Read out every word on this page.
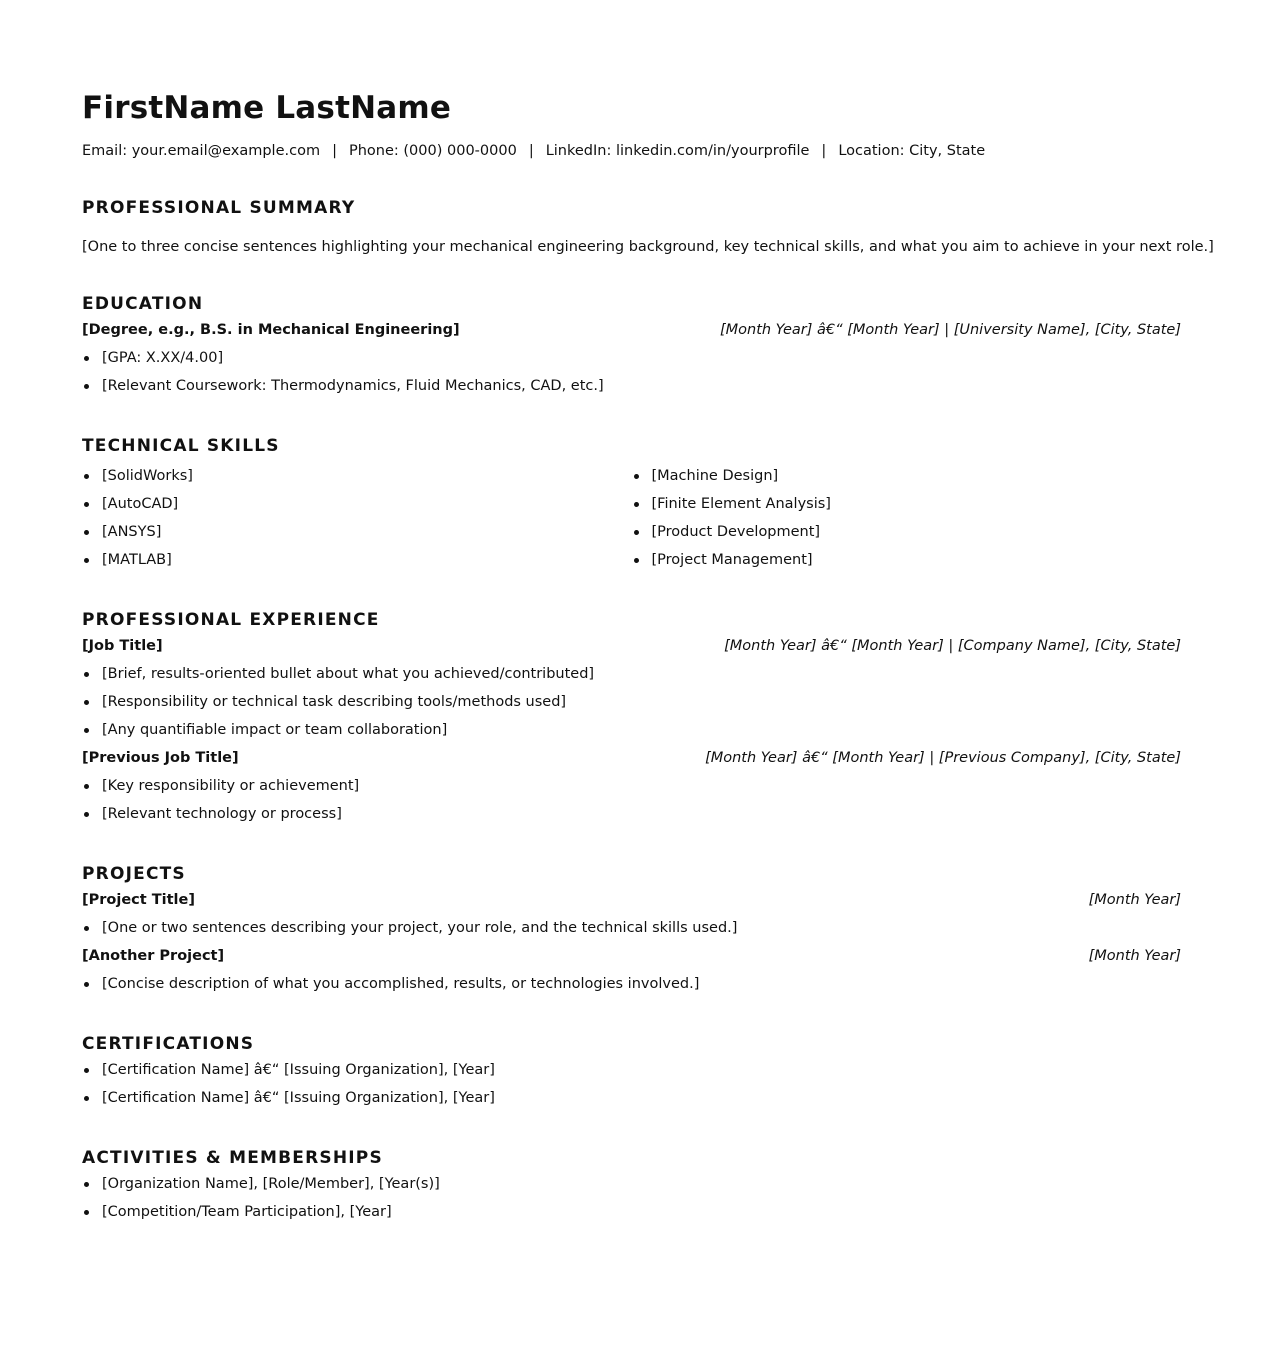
FirstName LastName
Email: your.email@example.com | Phone: (000) 000-0000 | LinkedIn: linkedin.com/in/yourprofile | Location: City, State
PROFESSIONAL SUMMARY
[One to three concise sentences highlighting your mechanical engineering background, key technical skills, and what you aim to achieve in your next role.]
EDUCATION
[Degree, e.g., B.S. in Mechanical Engineering]	[Month Year] â€“ [Month Year] | [University Name], [City, State]
[GPA: X.XX/4.00]
[Relevant Coursework: Thermodynamics, Fluid Mechanics, CAD, etc.]
TECHNICAL SKILLS
[SolidWorks]
[AutoCAD]
[ANSYS]
[MATLAB]
[Machine Design]
[Finite Element Analysis]
[Product Development]
[Project Management]
PROFESSIONAL EXPERIENCE
[Job Title]	[Month Year] â€“ [Month Year] | [Company Name], [City, State]
[Brief, results-oriented bullet about what you achieved/contributed]
[Responsibility or technical task describing tools/methods used]
[Any quantifiable impact or team collaboration]
[Previous Job Title]	[Month Year] â€“ [Month Year] | [Previous Company], [City, State]
[Key responsibility or achievement]
[Relevant technology or process]
PROJECTS
[Project Title]	[Month Year]
[One or two sentences describing your project, your role, and the technical skills used.]
[Another Project]	[Month Year]
[Concise description of what you accomplished, results, or technologies involved.]
CERTIFICATIONS
[Certification Name] â€“ [Issuing Organization], [Year]
[Certification Name] â€“ [Issuing Organization], [Year]
ACTIVITIES & MEMBERSHIPS
[Organization Name], [Role/Member], [Year(s)]
[Competition/Team Participation], [Year]
